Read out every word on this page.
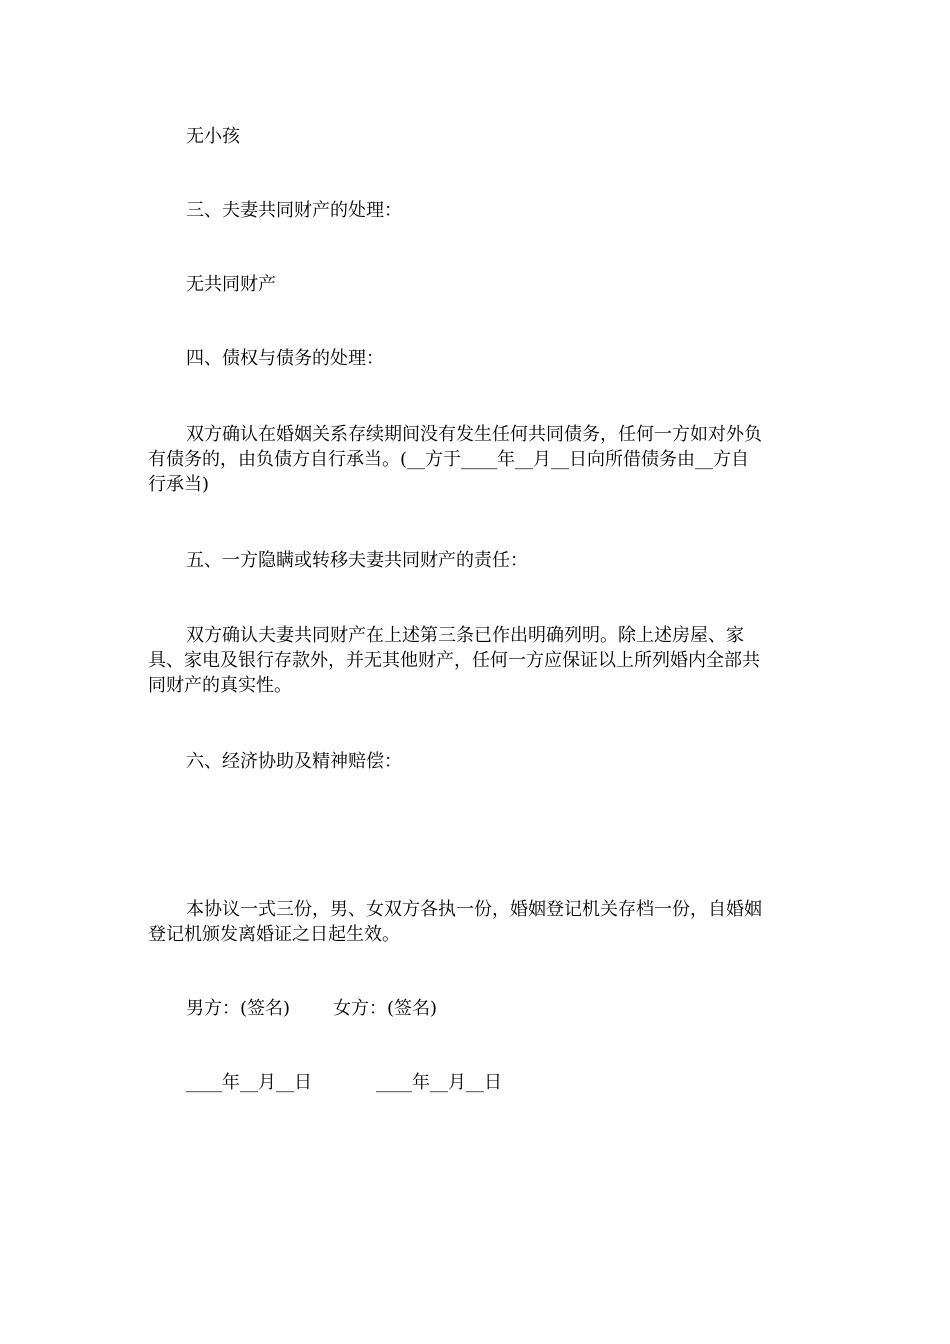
无小孩
三、夫妻共同财产的处理：
无共同财产
四、债权与债务的处理：
双方确认在婚姻关系存续期间没有发生任何共同债务，任何一方如对外负
有债务的，由负债方自行承当。(__方于____年__月__日向所借债务由__方自
行承当)
五、一方隐瞒或转移夫妻共同财产的责任：
双方确认夫妻共同财产在上述第三条已作出明确列明。除上述房屋、家
具、家电及银行存款外，并无其他财产，任何一方应保证以上所列婚内全部共
同财产的真实性。
六、经济协助及精神赔偿：
本协议一式三份，男、女双方各执一份，婚姻登记机关存档一份，自婚姻
登记机颁发离婚证之日起生效。
男方：(签名) 女方：(签名)
____年__月__日	____年__月__日
